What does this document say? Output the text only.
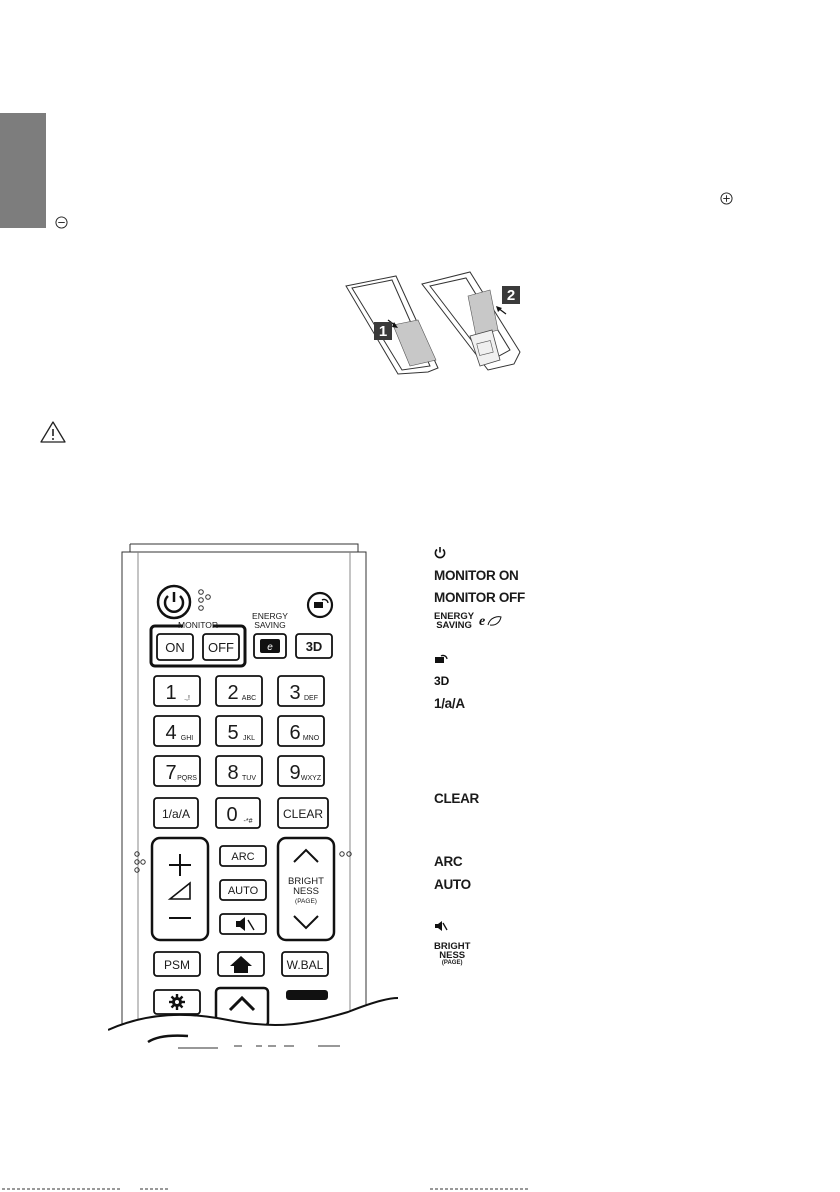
1
2
MONITOR
ON OFF
ENERGY
SAVING
e	3D
1 .,! 2 ABC 3 DEF
4 GHI 5 JKL 6 MNO
7 PQRS 8 TUV 9 WXYZ
1/a/A 0 -*#
CLEAR
ARC
AUTO
BRIGHT
NESS
(PAGE)
PSM	W.BAL
MONITOR ON
MONITOR OFF
ENERGY
SAVING e
3D
1/a/A
CLEAR
ARC
AUTO
BRIGHT
NESS
(PAGE)
